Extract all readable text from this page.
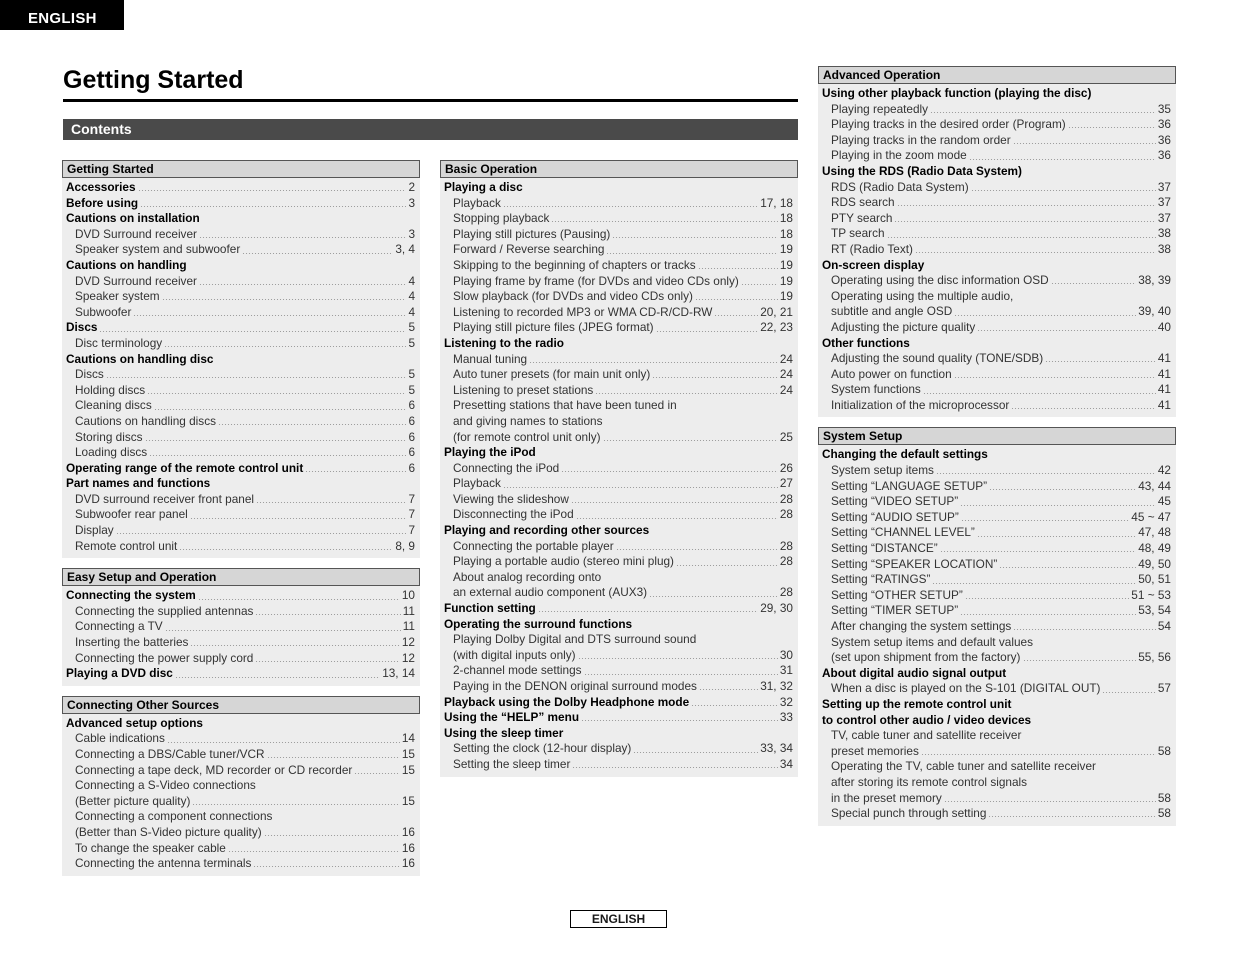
ENGLISH
Getting Started
Contents
Getting Started
Accessories	2
Before using	3
Cautions on installation
DVD Surround receiver	3
Speaker system and subwoofer	3, 4
Cautions on handling
DVD Surround receiver	4
Speaker system	4
Subwoofer	4
Discs	5
Disc terminology	5
Cautions on handling disc
Discs	5
Holding discs	5
Cleaning discs	6
Cautions on handling discs	6
Storing discs	6
Loading discs	6
Operating range of the remote control unit	6
Part names and functions
DVD surround receiver front panel	7
Subwoofer rear panel	7
Display	7
Remote control unit	8, 9
Easy Setup and Operation
Connecting the system	10
Connecting the supplied antennas	11
Connecting a TV	11
Inserting the batteries	12
Connecting the power supply cord	12
Playing a DVD disc	13, 14
Connecting Other Sources
Advanced setup options
Cable indications	14
Connecting a DBS/Cable tuner/VCR	15
Connecting a tape deck, MD recorder or CD recorder	15
Connecting a S-Video connections
(Better picture quality)	15
Connecting a component connections
(Better than S-Video picture quality)	16
To change the speaker cable	16
Connecting the antenna terminals	16
Basic Operation
Playing a disc
Playback	17, 18
Stopping playback	18
Playing still pictures (Pausing)	18
Forward / Reverse searching	19
Skipping to the beginning of chapters or tracks	19
Playing frame by frame (for DVDs and video CDs only)	19
Slow playback (for DVDs and video CDs only)	19
Listening to recorded MP3 or WMA CD-R/CD-RW	20, 21
Playing still picture files (JPEG format)	22, 23
Listening to the radio
Manual tuning	24
Auto tuner presets (for main unit only)	24
Listening to preset stations	24
Presetting stations that have been tuned in
and giving names to stations
(for remote control unit only)	25
Playing the iPod
Connecting the iPod	26
Playback	27
Viewing the slideshow	28
Disconnecting the iPod	28
Playing and recording other sources
Connecting the portable player	28
Playing a portable audio (stereo mini plug)	28
About analog recording onto
an external audio component (AUX3)	28
Function setting	29, 30
Operating the surround functions
Playing Dolby Digital and DTS surround sound
(with digital inputs only)	30
2-channel mode settings	31
Paying in the DENON original surround modes	31, 32
Playback using the Dolby Headphone mode	32
Using the “HELP” menu	33
Using the sleep timer
Setting the clock (12-hour display)	33, 34
Setting the sleep timer	34
Advanced Operation
Using other playback function (playing the disc)
Playing repeatedly	35
Playing tracks in the desired order (Program)	36
Playing tracks in the random order	36
Playing in the zoom mode	36
Using the RDS (Radio Data System)
RDS (Radio Data System)	37
RDS search	37
PTY search	37
TP search	38
RT (Radio Text)	38
On-screen display
Operating using the disc information OSD	38, 39
Operating using the multiple audio,
subtitle and angle OSD	39, 40
Adjusting the picture quality	40
Other functions
Adjusting the sound quality (TONE/SDB)	41
Auto power on function	41
System functions	41
Initialization of the microprocessor	41
System Setup
Changing the default settings
System setup items	42
Setting “LANGUAGE SETUP”	43, 44
Setting “VIDEO SETUP”	45
Setting “AUDIO SETUP”	45 ~ 47
Setting “CHANNEL LEVEL”	47, 48
Setting “DISTANCE”	48, 49
Setting “SPEAKER LOCATION”	49, 50
Setting “RATINGS”	50, 51
Setting “OTHER SETUP”	51 ~ 53
Setting “TIMER SETUP”	53, 54
After changing the system settings	54
System setup items and default values
(set upon shipment from the factory)	55, 56
About digital audio signal output
When a disc is played on the S-101 (DIGITAL OUT)	57
Setting up the remote control unit
to control other audio / video devices
TV, cable tuner and satellite receiver
preset memories	58
Operating the TV, cable tuner and satellite receiver
after storing its remote control signals
in the preset memory	58
Special punch through setting	58
ENGLISH
